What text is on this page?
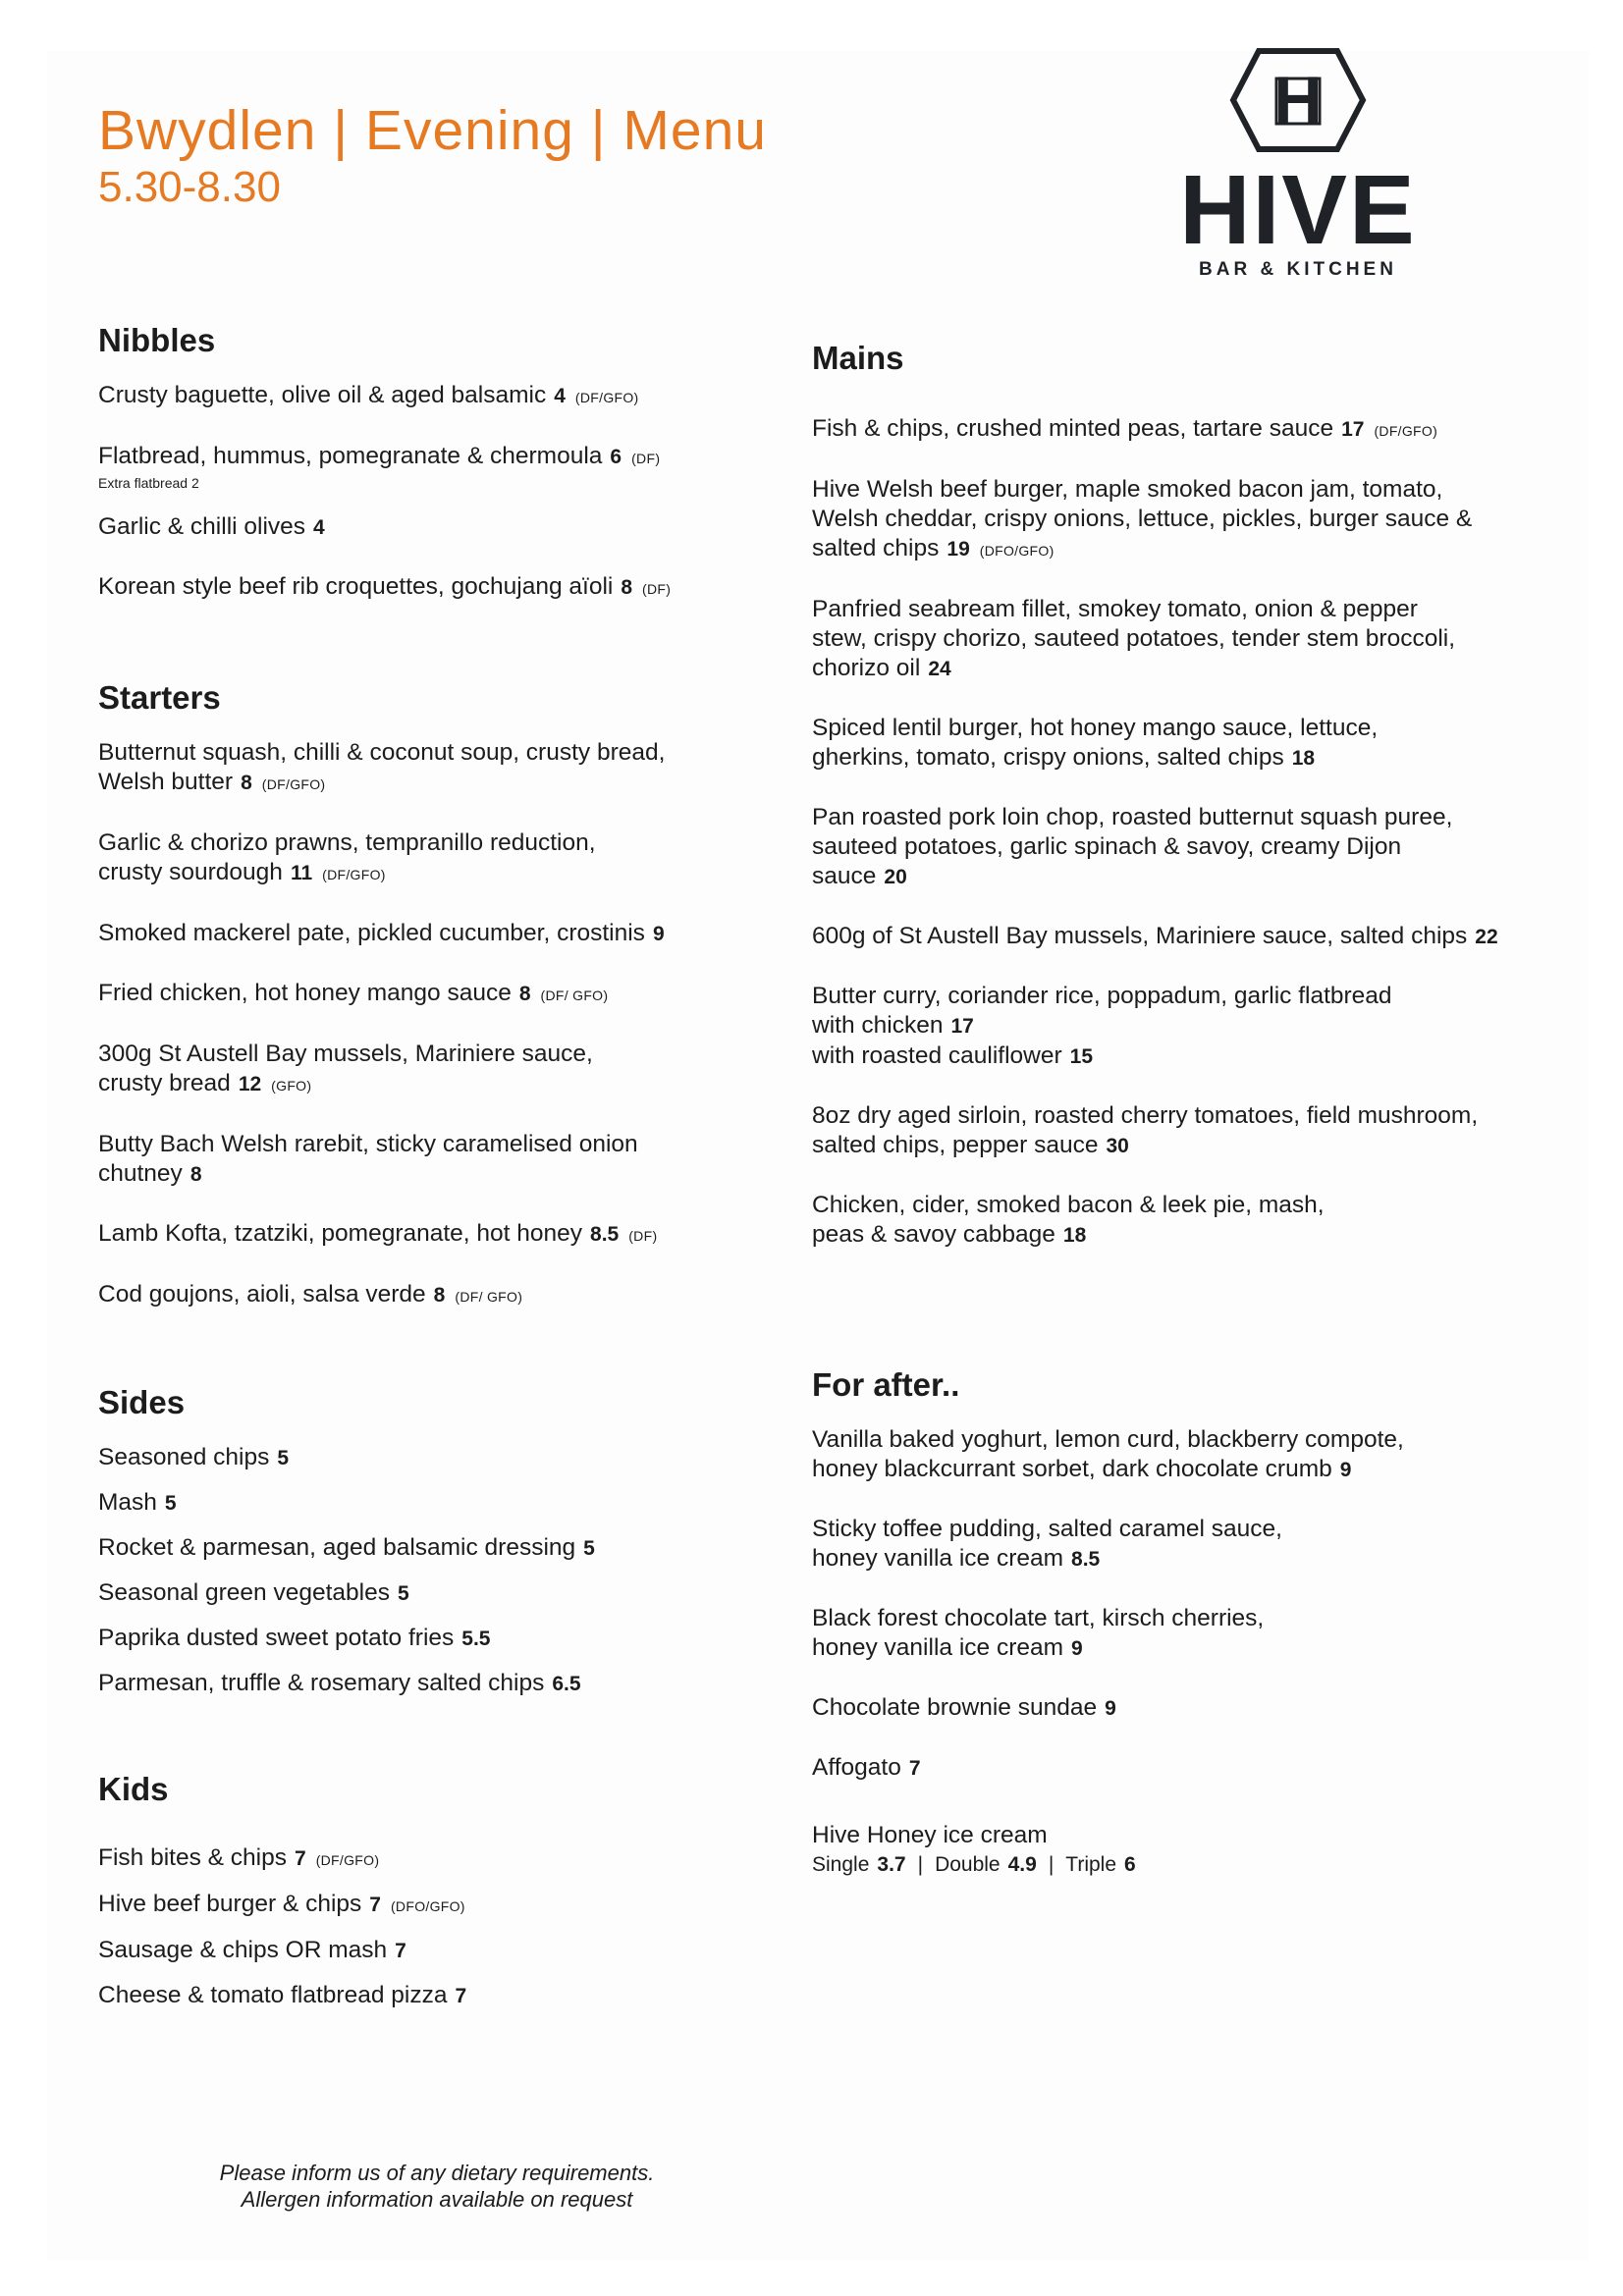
Bwydlen | Evening | Menu
5.30-8.30
H
HIVE
BAR & KITCHEN
Nibbles
Crusty baguette, olive oil & aged balsamic 4 (DF/GFO)
Flatbread, hummus, pomegranate & chermoula 6 (DF)
Extra flatbread 2
Garlic & chilli olives 4
Korean style beef rib croquettes, gochujang aïoli 8 (DF)
Starters
Butternut squash, chilli & coconut soup, crusty bread,
Welsh butter 8 (DF/GFO)
Garlic & chorizo prawns, tempranillo reduction,
crusty sourdough 11 (DF/GFO)
Smoked mackerel pate, pickled cucumber, crostinis 9
Fried chicken, hot honey mango sauce 8 (DF/ GFO)
300g St Austell Bay mussels, Mariniere sauce,
crusty bread 12 (GFO)
Butty Bach Welsh rarebit, sticky caramelised onion
chutney 8
Lamb Kofta, tzatziki, pomegranate, hot honey 8.5 (DF)
Cod goujons, aioli, salsa verde 8 (DF/ GFO)
Sides
Seasoned chips 5
Mash 5
Rocket & parmesan, aged balsamic dressing 5
Seasonal green vegetables 5
Paprika dusted sweet potato fries 5.5
Parmesan, truffle & rosemary salted chips 6.5
Kids
Fish bites & chips 7 (DF/GFO)
Hive beef burger & chips 7 (DFO/GFO)
Sausage & chips OR mash 7
Cheese & tomato flatbread pizza 7
Mains
Fish & chips, crushed minted peas, tartare sauce 17 (DF/GFO)
Hive Welsh beef burger, maple smoked bacon jam, tomato,
Welsh cheddar, crispy onions, lettuce, pickles, burger sauce &
salted chips 19 (DFO/GFO)
Panfried seabream fillet, smokey tomato, onion & pepper
stew, crispy chorizo, sauteed potatoes, tender stem broccoli,
chorizo oil 24
Spiced lentil burger, hot honey mango sauce, lettuce,
gherkins, tomato, crispy onions, salted chips 18
Pan roasted pork loin chop, roasted butternut squash puree,
sauteed potatoes, garlic spinach & savoy, creamy Dijon
sauce 20
600g of St Austell Bay mussels, Mariniere sauce, salted chips 22
Butter curry, coriander rice, poppadum, garlic flatbread
with chicken 17
with roasted cauliflower 15
8oz dry aged sirloin, roasted cherry tomatoes, field mushroom,
salted chips, pepper sauce 30
Chicken, cider, smoked bacon & leek pie, mash,
peas & savoy cabbage 18
For after..
Vanilla baked yoghurt, lemon curd, blackberry compote,
honey blackcurrant sorbet, dark chocolate crumb 9
Sticky toffee pudding, salted caramel sauce,
honey vanilla ice cream 8.5
Black forest chocolate tart, kirsch cherries,
honey vanilla ice cream 9
Chocolate brownie sundae 9
Affogato 7
Hive Honey ice cream
Single 3.7 | Double 4.9 | Triple 6
Please inform us of any dietary requirements.
Allergen information available on request
